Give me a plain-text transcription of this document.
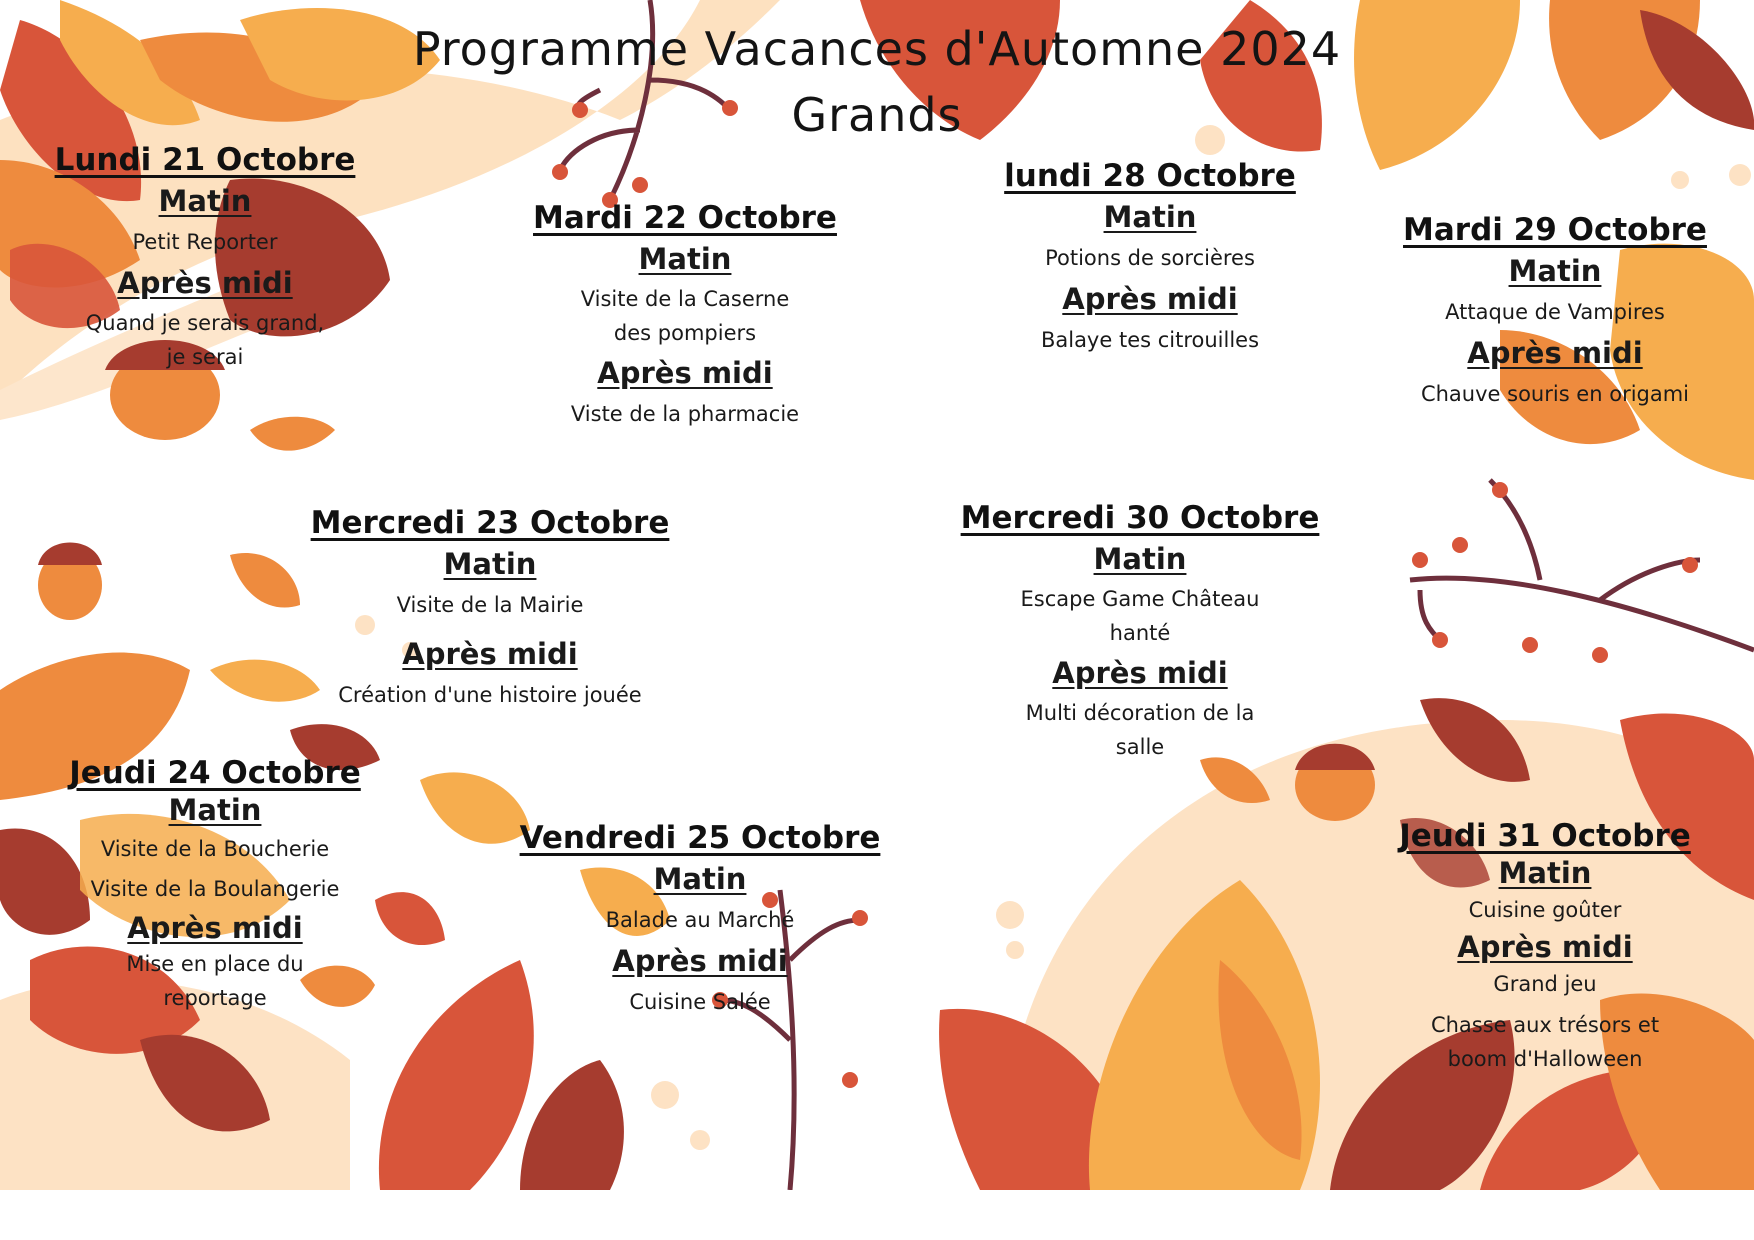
Programme Vacances d'Automne 2024
Grands
Lundi 21 Octobre
Matin

Petit Reporter

Après midi

Quand je serais grand,
je serai

Mardi 22 Octobre
Matin

Visite de la Caserne
des pompiers

Après midi

Viste de la pharmacie

lundi 28 Octobre
Matin

Potions de sorcières

Après midi

Balaye tes citrouilles

Mardi 29 Octobre
Matin

Attaque de Vampires

Après midi

Chauve souris en origami

Mercredi 23 Octobre
Matin

Visite de la Mairie

Après midi

Création d'une histoire jouée

Mercredi 30 Octobre
Matin

Escape Game Château
hanté

Après midi

Multi décoration de la
salle

Jeudi 24 Octobre
Matin

Visite de la Boucherie
Visite de la Boulangerie

Après midi

Mise en place du
reportage

Vendredi 25 Octobre
Matin

Balade au Marché

Après midi

Cuisine Salée

Jeudi 31 Octobre
Matin

Cuisine goûter

Après midi

Grand jeu

Chasse aux trésors et
boom d'Halloween
